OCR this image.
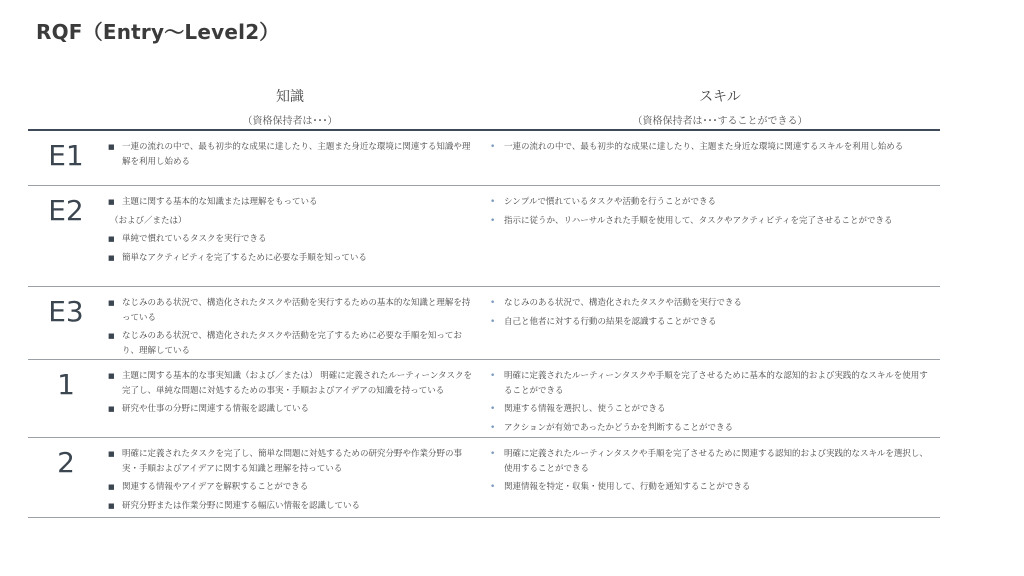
RQF（Entry～Level2）
知識
（資格保持者は･･･）
スキル
（資格保持者は･･･することができる）
E1	■ 一連の流れの中で、最も初歩的な成果に達したり、主題また身近な環境に関連する知識や理解を利用し始める
• 一連の流れの中で、最も初歩的な成果に達したり、主題また身近な環境に関連するスキルを利用し始める
E2	■ 主題に関する基本的な知識または理解をもっている
（および／または）
■ 単純で慣れているタスクを実行できる
■ 簡単なアクティビティを完了するために必要な手順を知っている
• シンプルで慣れているタスクや活動を行うことができる
• 指示に従うか、リハーサルされた手順を使用して、タスクやアクティビティを完了させることができる
E3	■ なじみのある状況で、構造化されたタスクや活動を実行するための基本的な知識と理解を持っている
■ なじみのある状況で、構造化されたタスクや活動を完了するために必要な手順を知っており、理解している
• なじみのある状況で、構造化されたタスクや活動を実行できる
• 自己と他者に対する行動の結果を認識することができる
1	■ 主題に関する基本的な事実知識（および／または） 明確に定義されたルーティーンタスクを完了し、単純な問題に対処するための事実・手順およびアイデアの知識を持っている
■ 研究や仕事の分野に関連する情報を認識している
• 明確に定義されたルーティーンタスクや手順を完了させるために基本的な認知的および実践的なスキルを使用することができる
• 関連する情報を選択し、使うことができる
• アクションが有効であったかどうかを判断することができる
2	■ 明確に定義されたタスクを完了し、簡単な問題に対処するための研究分野や作業分野の事実・手順およびアイデアに関する知識と理解を持っている
■ 関連する情報やアイデアを解釈することができる
■ 研究分野または作業分野に関連する幅広い情報を認識している
• 明確に定義されたルーティンタスクや手順を完了させるために関連する認知的および実践的なスキルを選択し、使用することができる
• 関連情報を特定・収集・使用して、行動を通知することができる
